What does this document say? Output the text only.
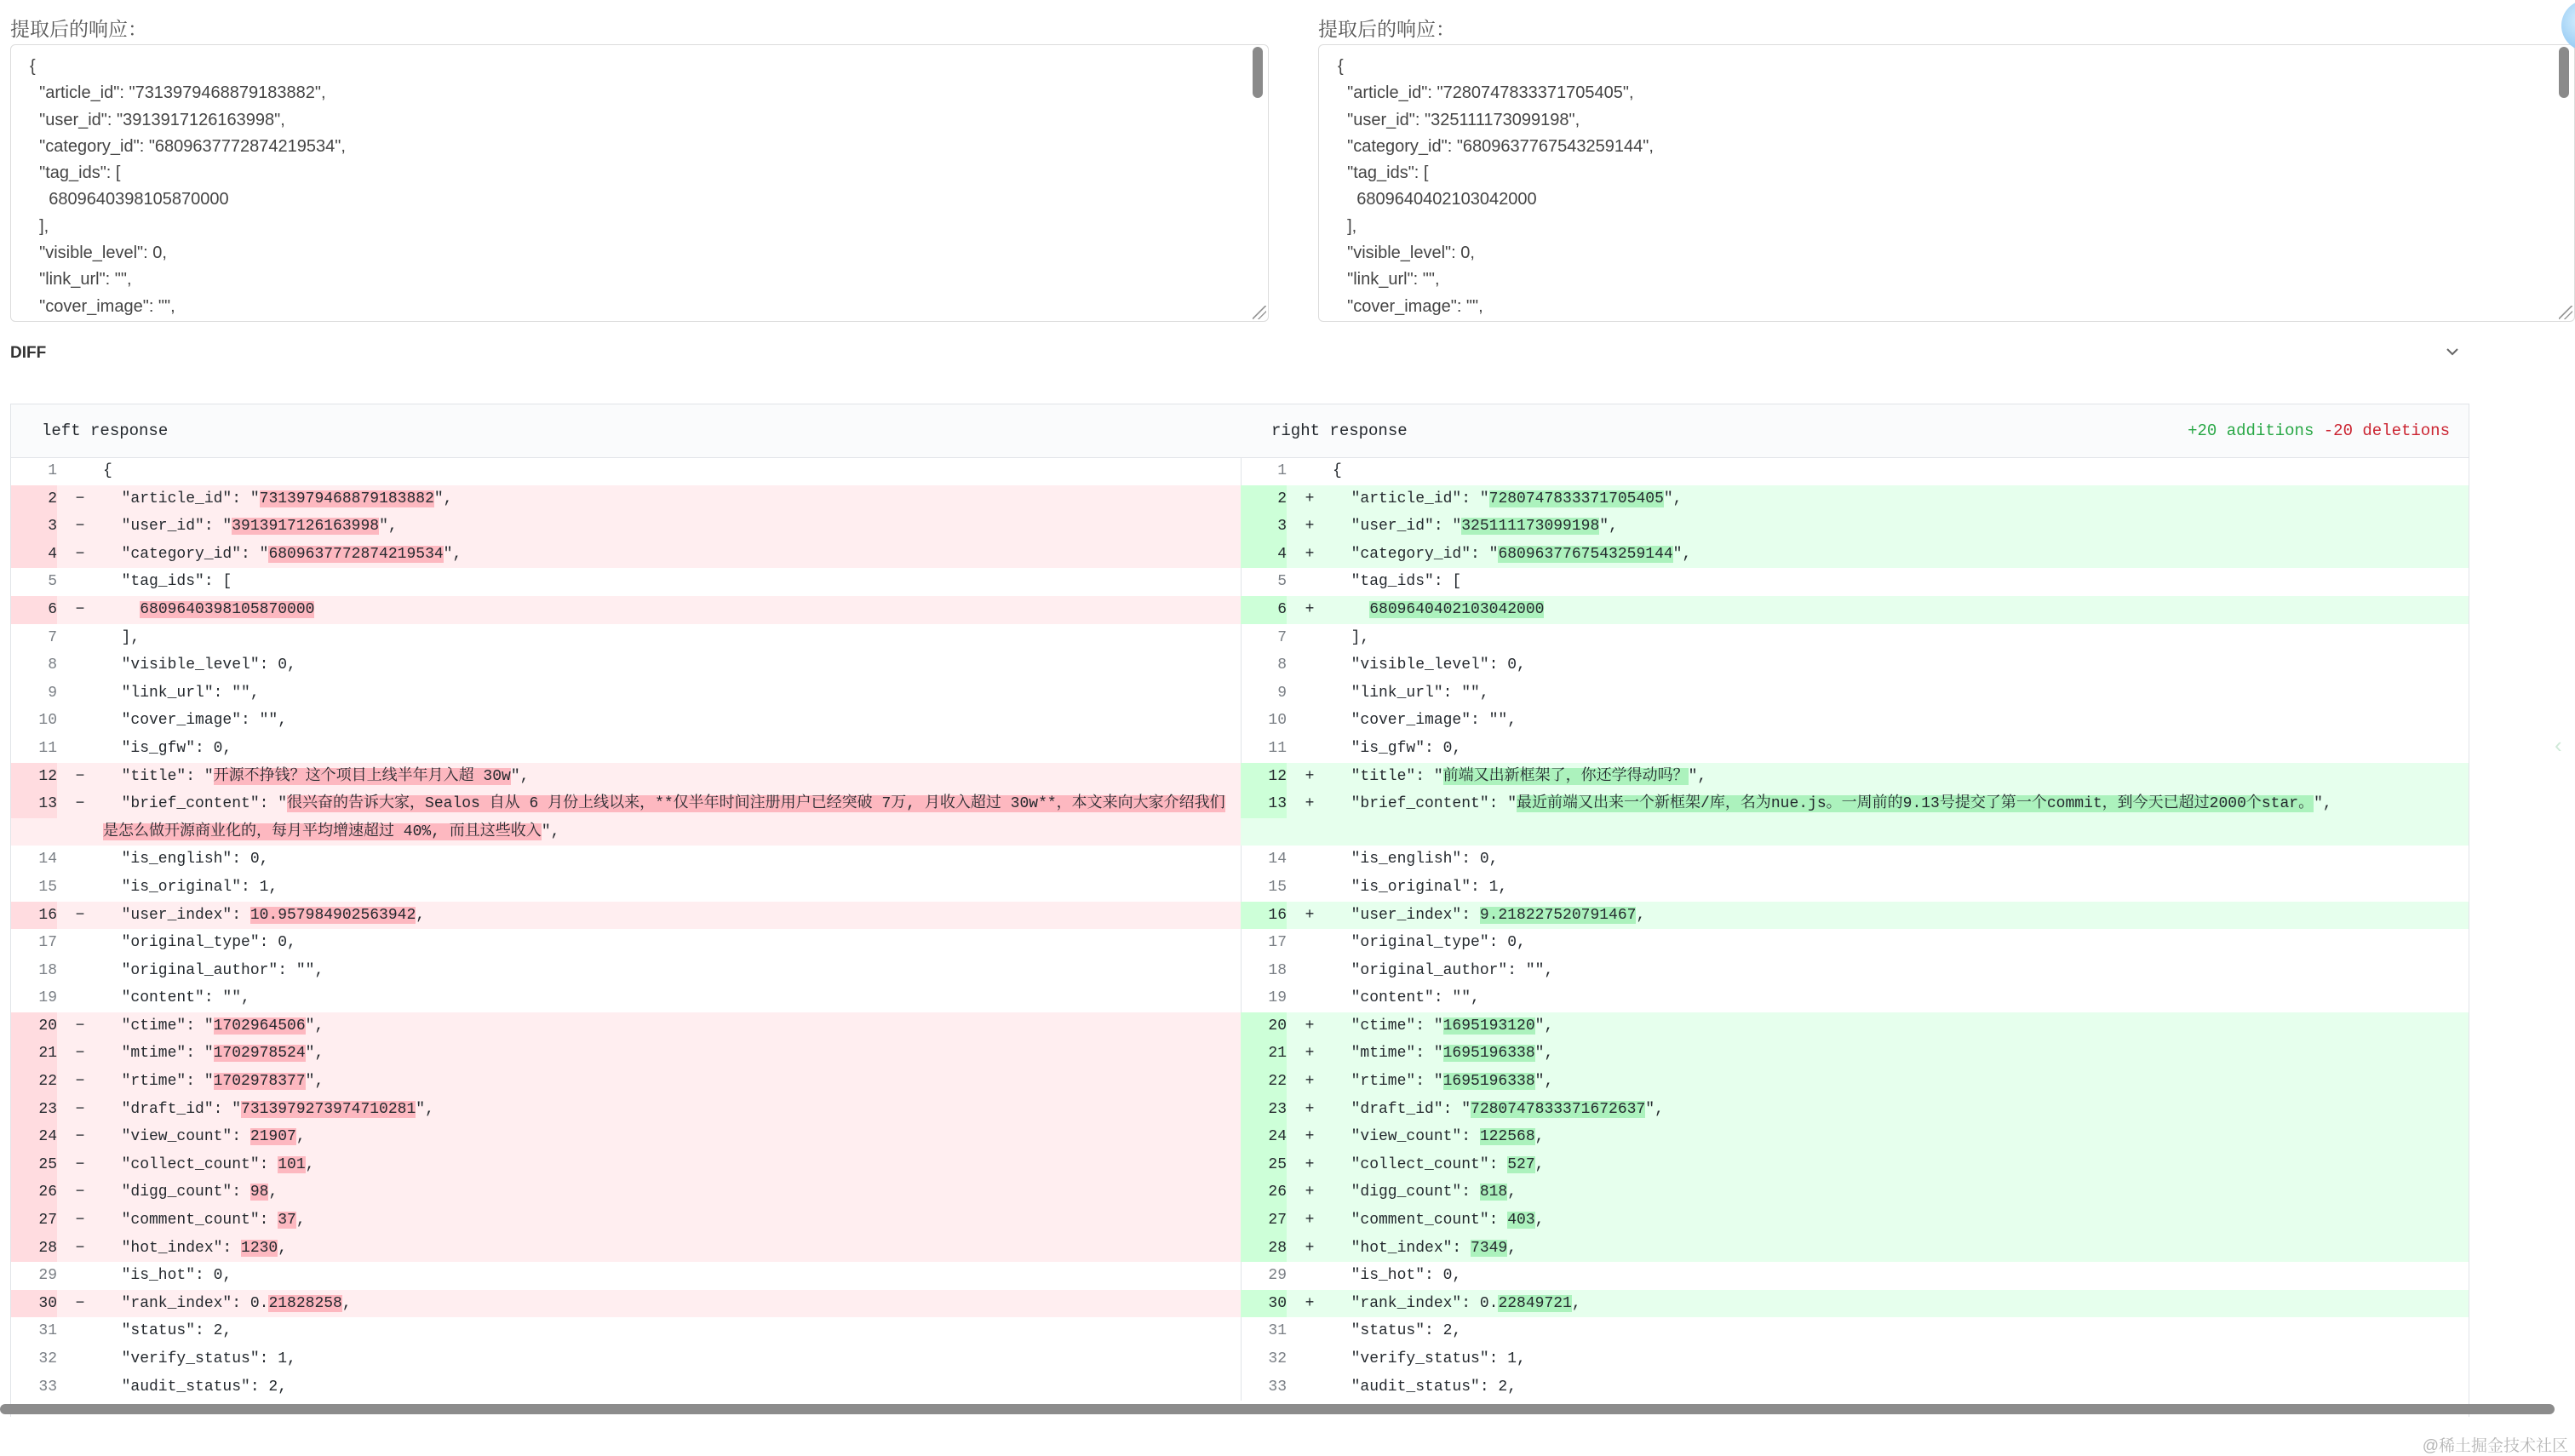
提取后的响应：
{
"article_id": "7313979468879183882",
"user_id": "3913917126163998",
"category_id": "6809637772874219534",
"tag_ids": [
6809640398105870000
],
"visible_level": 0,
"link_url": "",
"cover_image": "",
提取后的响应：
{
"article_id": "7280747833371705405",
"user_id": "325111173099198",
"category_id": "6809637767543259144",
"tag_ids": [
6809640402103042000
],
"visible_level": 0,
"link_url": "",
"cover_image": "",
DIFF
left response	right response	+20 additions -20 deletions
1	{
2	−	"article_id": "7313979468879183882",
3	−	"user_id": "3913917126163998",
4	−	"category_id": "6809637772874219534",
5	"tag_ids": [
6	−	6809640398105870000
7	],
8	"visible_level": 0,
9	"link_url": "",
10	"cover_image": "",
11	"is_gfw": 0,
12	−	"title": "开源不挣钱？这个项目上线半年月入超 30w",
13	−	"brief_content": "很兴奋的告诉大家，Sealos 自从 6 月份上线以来，**仅半年时间注册用户已经突破 7万, 月收入超过 30w**，本文来向大家介绍我们是怎么做开源商业化的，每月平均增速超过 40%, 而且这些收入",
14	"is_english": 0,
15	"is_original": 1,
16	−	"user_index": 10.957984902563942,
17	"original_type": 0,
18	"original_author": "",
19	"content": "",
20	−	"ctime": "1702964506",
21	−	"mtime": "1702978524",
22	−	"rtime": "1702978377",
23	−	"draft_id": "7313979273974710281",
24	−	"view_count": 21907,
25	−	"collect_count": 101,
26	−	"digg_count": 98,
27	−	"comment_count": 37,
28	−	"hot_index": 1230,
29	"is_hot": 0,
30	−	"rank_index": 0.21828258,
31	"status": 2,
32	"verify_status": 1,
33	"audit_status": 2,
1	{
2	+	"article_id": "7280747833371705405",
3	+	"user_id": "325111173099198",
4	+	"category_id": "6809637767543259144",
5	"tag_ids": [
6	+	6809640402103042000
7	],
8	"visible_level": 0,
9	"link_url": "",
10	"cover_image": "",
11	"is_gfw": 0,
12	+	"title": "前端又出新框架了，你还学得动吗？",
13	+	"brief_content": "最近前端又出来一个新框架/库，名为nue.js。一周前的9.13号提交了第一个commit，到今天已超过2000个star。",
14	"is_english": 0,
15	"is_original": 1,
16	+	"user_index": 9.218227520791467,
17	"original_type": 0,
18	"original_author": "",
19	"content": "",
20	+	"ctime": "1695193120",
21	+	"mtime": "1695196338",
22	+	"rtime": "1695196338",
23	+	"draft_id": "7280747833371672637",
24	+	"view_count": 122568,
25	+	"collect_count": 527,
26	+	"digg_count": 818,
27	+	"comment_count": 403,
28	+	"hot_index": 7349,
29	"is_hot": 0,
30	+	"rank_index": 0.22849721,
31	"status": 2,
32	"verify_status": 1,
33	"audit_status": 2,
‹
@稀土掘金技术社区
